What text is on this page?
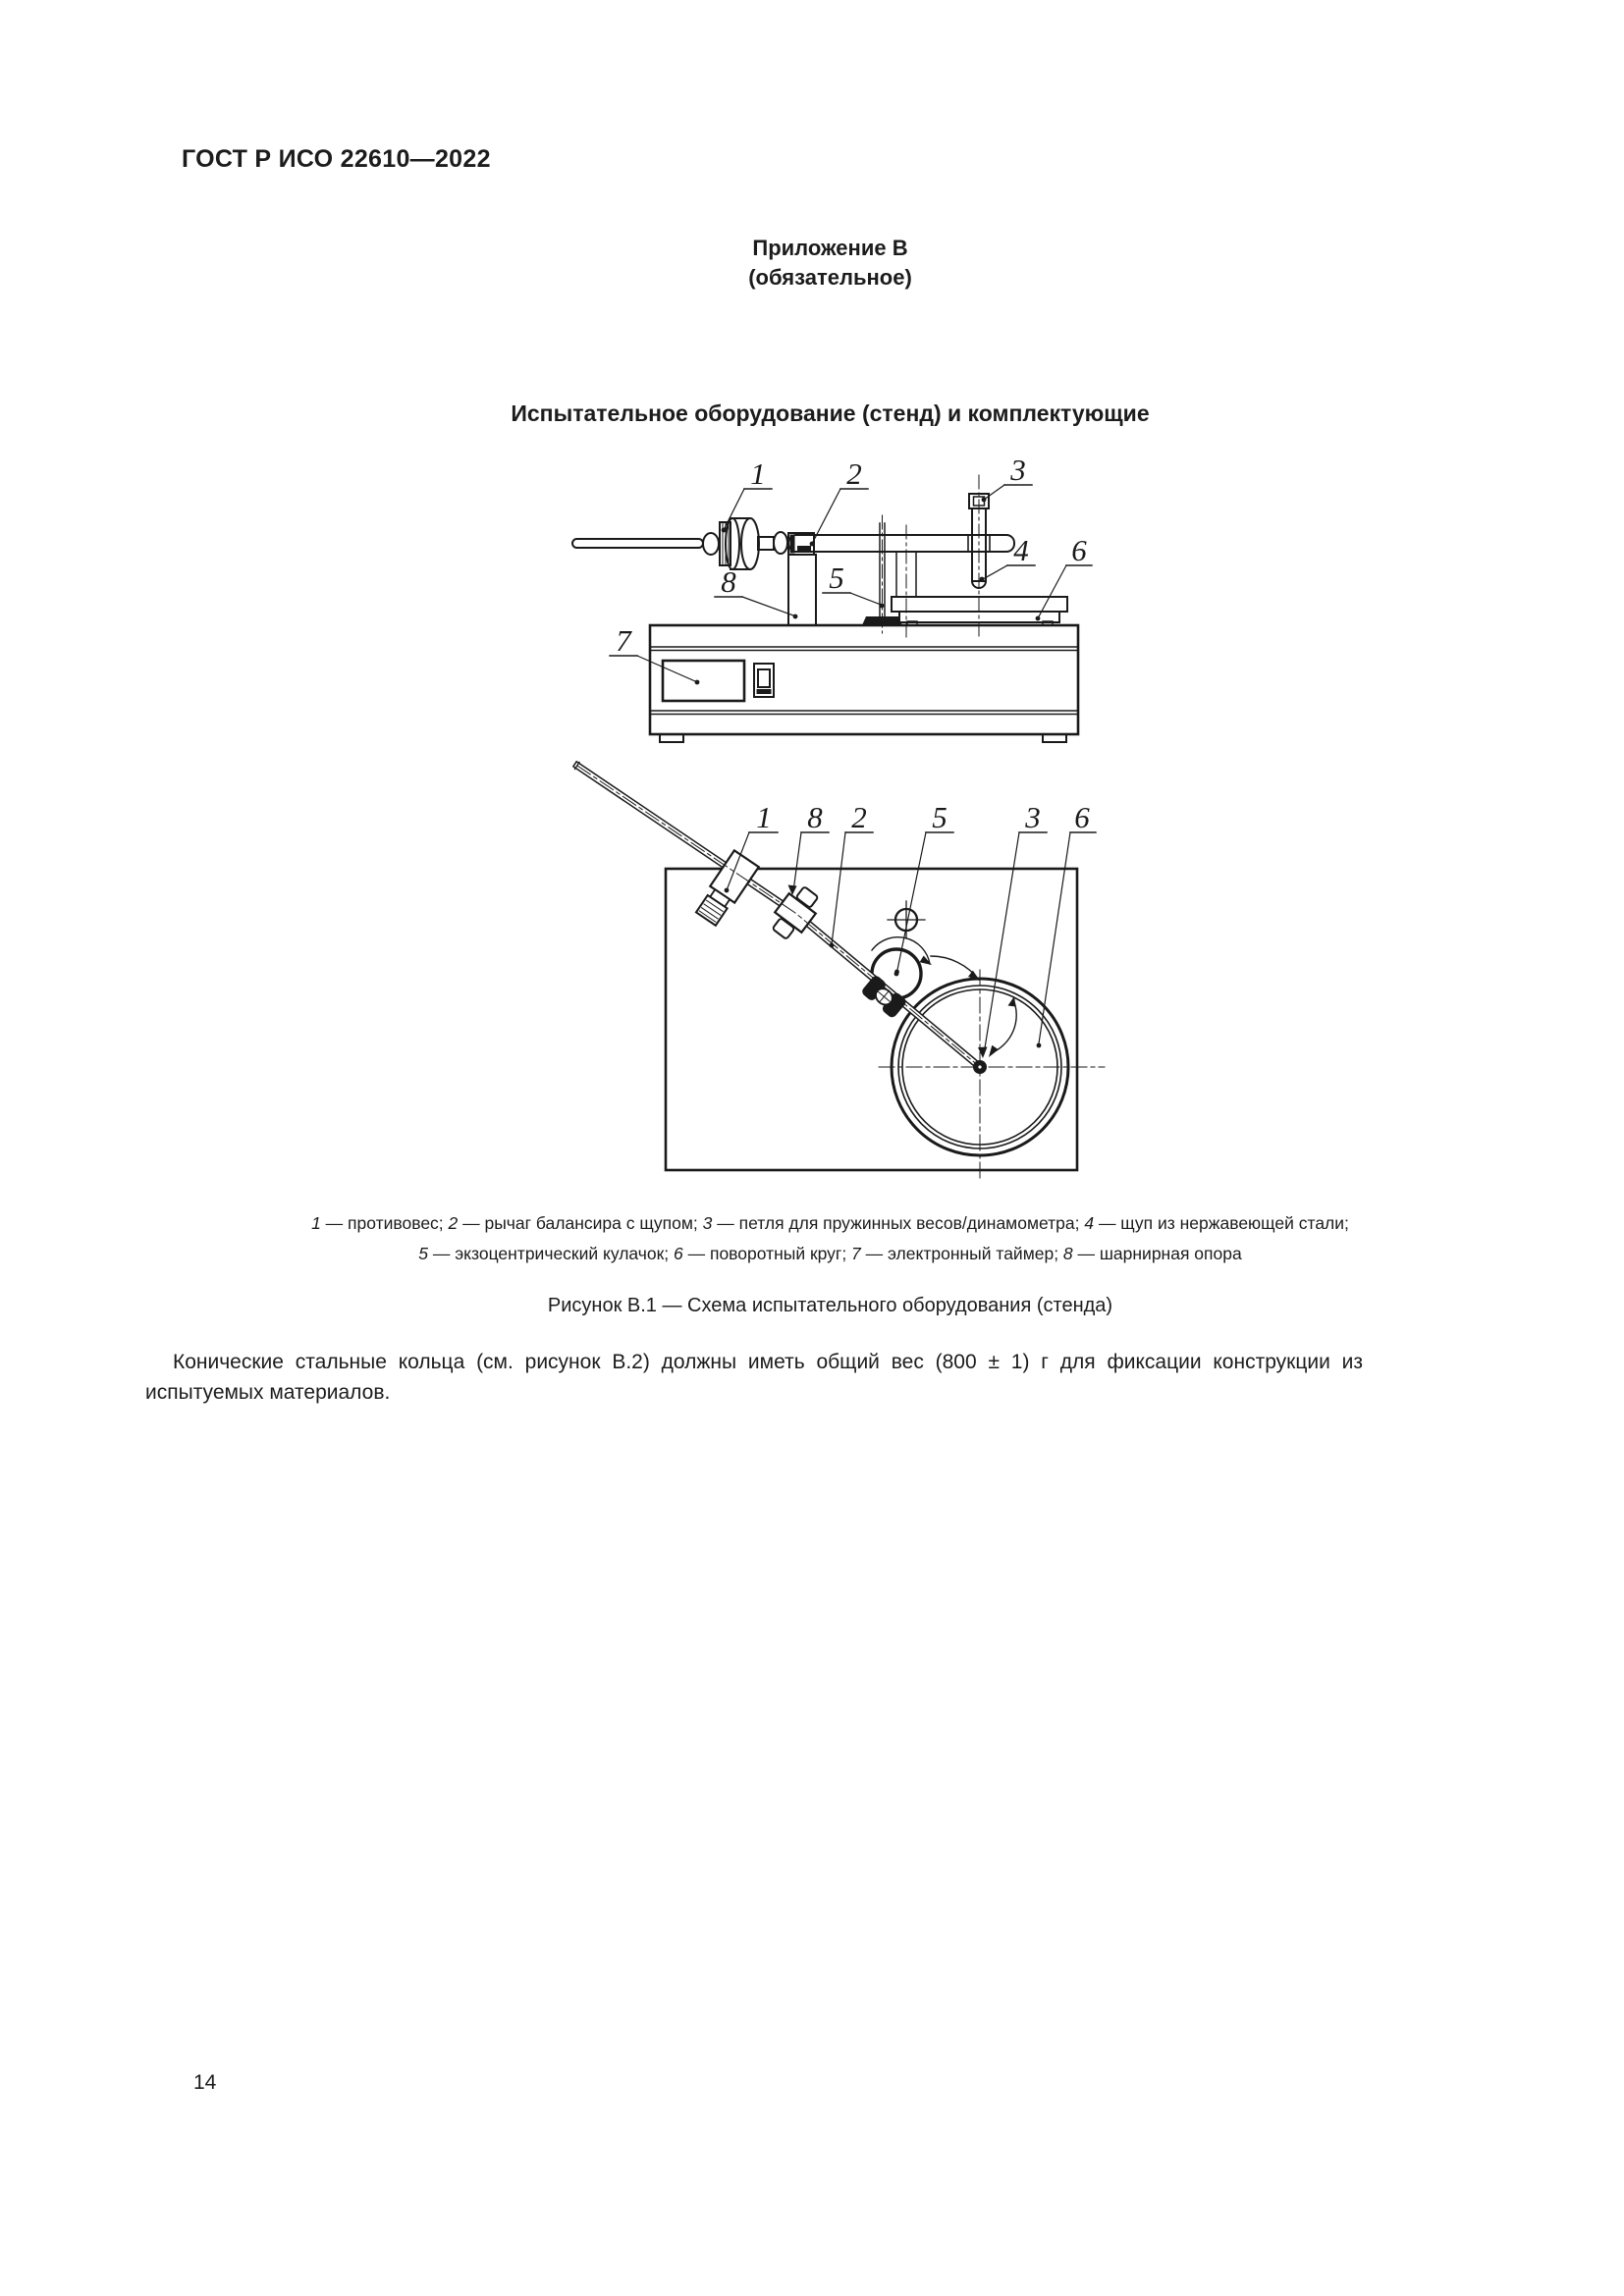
ГОСТ Р ИСО 22610—2022
Приложение В
(обязательное)
Испытательное оборудование (стенд) и комплектующие
1 — противовес; 2 — рычаг балансира с щупом; 3 — петля для пружинных весов/динамометра; 4 — щуп из нержавеющей стали;
5 — экзоцентрический кулачок; 6 — поворотный круг; 7 — электронный таймер; 8 — шарнирная опора
Рисунок В.1 — Схема испытательного оборудования (стенда)

Конические стальные кольца (см. рисунок В.2) должны иметь общий вес (800 ± 1) г для фиксации конструкции из испытуемых материалов.

1	2	3
4 6
5
8
7
1 8 2 5	3 6
14
